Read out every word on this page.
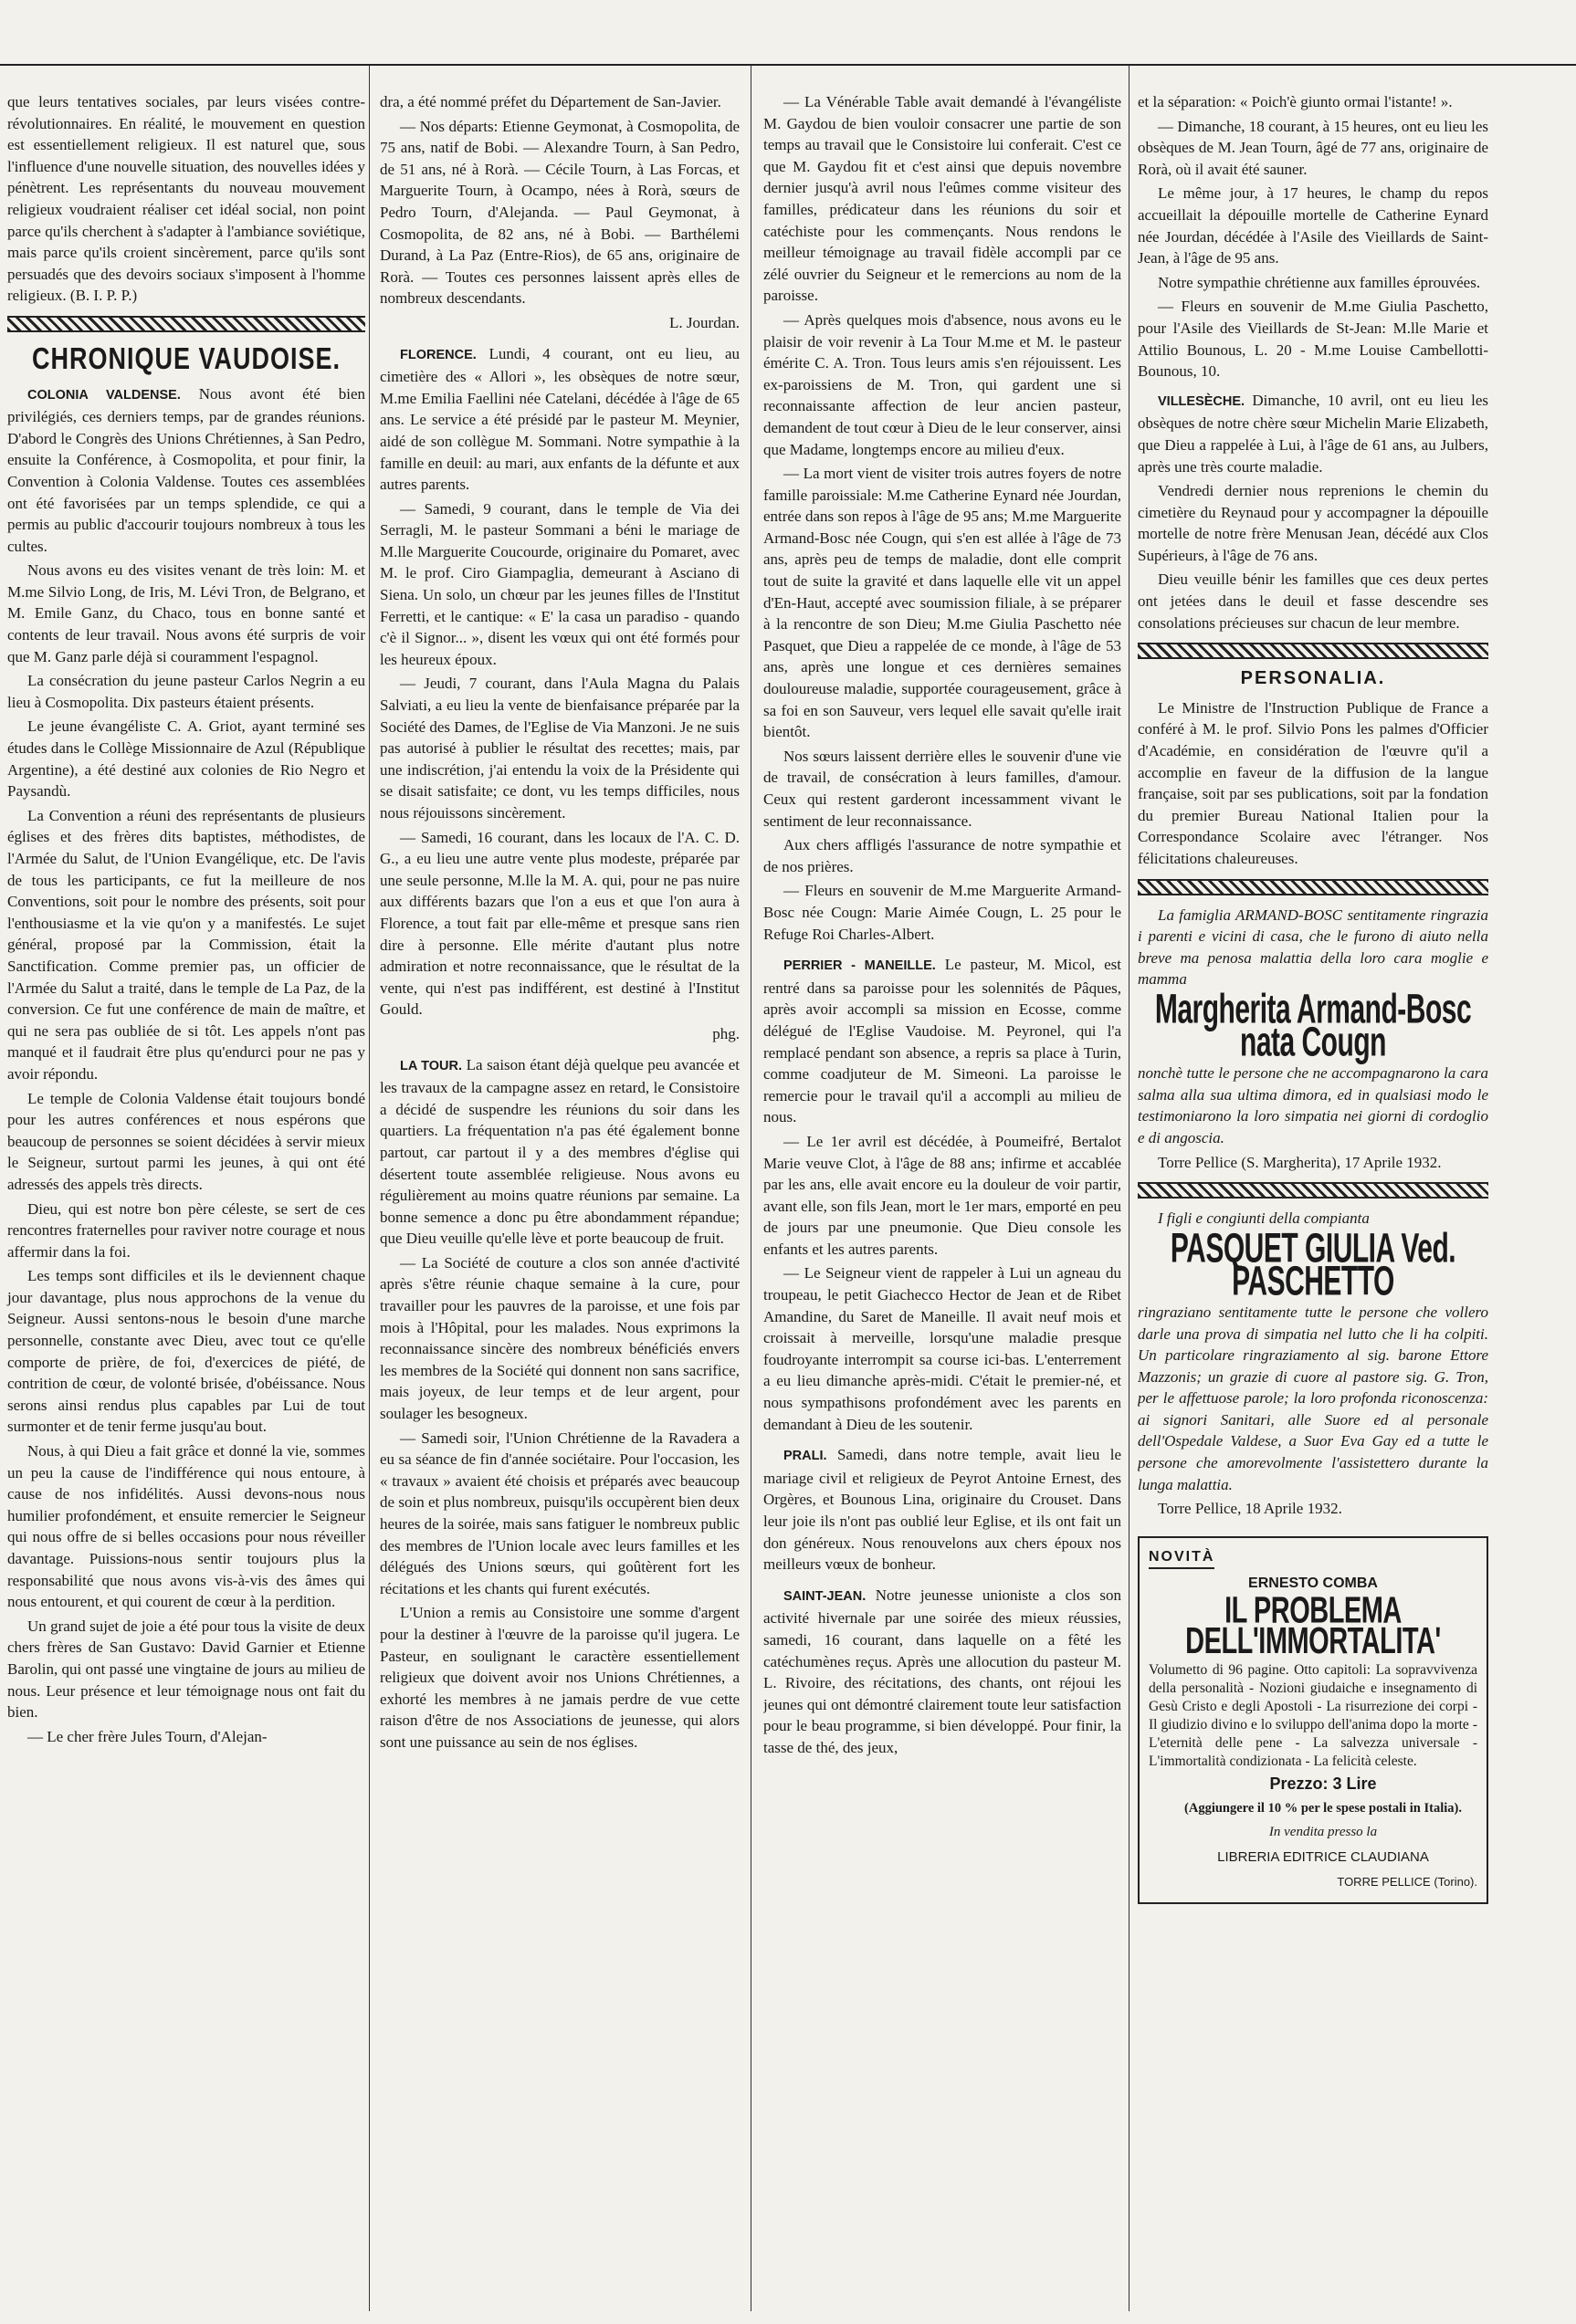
que leurs tentatives sociales, par leurs visées contre-révolutionnaires. En réalité, le mouvement en question est essentiellement religieux. Il est naturel que, sous l'influence d'une nouvelle situation, des nouvelles idées y pénètrent. Les représentants du nouveau mouvement religieux voudraient réaliser cet idéal social, non point parce qu'ils cherchent à s'adapter à l'ambiance soviétique, mais parce qu'ils croient sincèrement, parce qu'ils sont persuadés que des devoirs sociaux s'imposent à l'homme religieux. (B. I. P. P.)

CHRONIQUE VAUDOISE.

COLONIA VALDENSE. Nous avont été bien privilégiés, ces derniers temps, par de grandes réunions. D'abord le Congrès des Unions Chrétiennes, à San Pedro, ensuite la Conférence, à Cosmopolita, et pour finir, la Convention à Colonia Valdense. Toutes ces assemblées ont été favorisées par un temps splendide, ce qui a permis au public d'accourir toujours nombreux à tous les cultes.

Nous avons eu des visites venant de très loin: M. et M.me Silvio Long, de Iris, M. Lévi Tron, de Belgrano, et M. Emile Ganz, du Chaco, tous en bonne santé et contents de leur travail. Nous avons été surpris de voir que M. Ganz parle déjà si couramment l'espagnol.

La consécration du jeune pasteur Carlos Negrin a eu lieu à Cosmopolita. Dix pasteurs étaient présents.

Le jeune évangéliste C. A. Griot, ayant terminé ses études dans le Collège Missionnaire de Azul (République Argentine), a été destiné aux colonies de Rio Negro et Paysandù.

La Convention a réuni des représentants de plusieurs églises et des frères dits baptistes, méthodistes, de l'Armée du Salut, de l'Union Evangélique, etc. De l'avis de tous les participants, ce fut la meilleure de nos Conventions, soit pour le nombre des présents, soit pour l'enthousiasme et la vie qu'on y a manifestés. Le sujet général, proposé par la Commission, était la Sanctification. Comme premier pas, un officier de l'Armée du Salut a traité, dans le temple de La Paz, de la conversion. Ce fut une conférence de main de maître, et qui ne sera pas oubliée de si tôt. Les appels n'ont pas manqué et il faudrait être plus qu'endurci pour ne pas y avoir répondu.

Le temple de Colonia Valdense était toujours bondé pour les autres conférences et nous espérons que beaucoup de personnes se soient décidées à servir mieux le Seigneur, surtout parmi les jeunes, à qui ont été adressés des appels très directs.

Dieu, qui est notre bon père céleste, se sert de ces rencontres fraternelles pour raviver notre courage et nous affermir dans la foi.

Les temps sont difficiles et ils le deviennent chaque jour davantage, plus nous approchons de la venue du Seigneur. Aussi sentons-nous le besoin d'une marche personnelle, constante avec Dieu, avec tout ce qu'elle comporte de prière, de foi, d'exercices de piété, de contrition de cœur, de volonté brisée, d'obéissance. Nous serons ainsi rendus plus capables par Lui de tout surmonter et de tenir ferme jusqu'au bout.

Nous, à qui Dieu a fait grâce et donné la vie, sommes un peu la cause de l'indifférence qui nous entoure, à cause de nos infidélités. Aussi devons-nous nous humilier profondément, et ensuite remercier le Seigneur qui nous offre de si belles occasions pour nous réveiller davantage. Puissions-nous sentir toujours plus la responsabilité que nous avons vis-à-vis des âmes qui nous entourent, et qui courent de cœur à la perdition.

Un grand sujet de joie a été pour tous la visite de deux chers frères de San Gustavo: David Garnier et Etienne Barolin, qui ont passé une vingtaine de jours au milieu de nous. Leur présence et leur témoignage nous ont fait du bien.

— Le cher frère Jules Tourn, d'Alejan-

dra, a été nommé préfet du Département de San-Javier.

— Nos départs: Etienne Geymonat, à Cosmopolita, de 75 ans, natif de Bobi. — Alexandre Tourn, à San Pedro, de 51 ans, né à Rorà. — Cécile Tourn, à Las Forcas, et Marguerite Tourn, à Ocampo, nées à Rorà, sœurs de Pedro Tourn, d'Alejanda. — Paul Geymonat, à Cosmopolita, de 82 ans, né à Bobi. — Barthélemi Durand, à La Paz (Entre-Rios), de 65 ans, originaire de Rorà. — Toutes ces personnes laissent après elles de nombreux descendants.

L. Jourdan.

FLORENCE. Lundi, 4 courant, ont eu lieu, au cimetière des « Allori », les obsèques de notre sœur, M.me Emilia Faellini née Catelani, décédée à l'âge de 65 ans. Le service a été présidé par le pasteur M. Meynier, aidé de son collègue M. Sommani. Notre sympathie à la famille en deuil: au mari, aux enfants de la défunte et aux autres parents.

— Samedi, 9 courant, dans le temple de Via dei Serragli, M. le pasteur Sommani a béni le mariage de M.lle Marguerite Coucourde, originaire du Pomaret, avec M. le prof. Ciro Giampaglia, demeurant à Asciano di Siena. Un solo, un chœur par les jeunes filles de l'Institut Ferretti, et le cantique: « E' la casa un paradiso - quando c'è il Signor... », disent les vœux qui ont été formés pour les heureux époux.

— Jeudi, 7 courant, dans l'Aula Magna du Palais Salviati, a eu lieu la vente de bienfaisance préparée par la Société des Dames, de l'Eglise de Via Manzoni. Je ne suis pas autorisé à publier le résultat des recettes; mais, par une indiscrétion, j'ai entendu la voix de la Présidente qui se disait satisfaite; ce dont, vu les temps difficiles, nous nous réjouissons sincèrement.

— Samedi, 16 courant, dans les locaux de l'A. C. D. G., a eu lieu une autre vente plus modeste, préparée par une seule personne, M.lle la M. A. qui, pour ne pas nuire aux différents bazars que l'on a eus et que l'on aura à Florence, a tout fait par elle-même et presque sans rien dire à personne. Elle mérite d'autant plus notre admiration et notre reconnaissance, que le résultat de la vente, qui n'est pas indifférent, est destiné à l'Institut Gould.

phg.

LA TOUR. La saison étant déjà quelque peu avancée et les travaux de la campagne assez en retard, le Consistoire a décidé de suspendre les réunions du soir dans les quartiers. La fréquentation n'a pas été également bonne partout, car partout il y a des membres d'église qui désertent toute assemblée religieuse. Nous avons eu régulièrement au moins quatre réunions par semaine. La bonne semence a donc pu être abondamment répandue; que Dieu veuille qu'elle lève et porte beaucoup de fruit.

— La Société de couture a clos son année d'activité après s'être réunie chaque semaine à la cure, pour travailler pour les pauvres de la paroisse, et une fois par mois à l'Hôpital, pour les malades. Nous exprimons la reconnaissance sincère des nombreux bénéficiés envers les membres de la Société qui donnent non sans sacrifice, mais joyeux, de leur temps et de leur argent, pour soulager les besogneux.

— Samedi soir, l'Union Chrétienne de la Ravadera a eu sa séance de fin d'année sociétaire. Pour l'occasion, les « travaux » avaient été choisis et préparés avec beaucoup de soin et plus nombreux, puisqu'ils occupèrent bien deux heures de la soirée, mais sans fatiguer le nombreux public des membres de l'Union locale avec leurs familles et les délégués des Unions sœurs, qui goûtèrent fort les récitations et les chants qui furent exécutés.

L'Union a remis au Consistoire une somme d'argent pour la destiner à l'œuvre de la paroisse qu'il jugera. Le Pasteur, en soulignant le caractère essentiellement religieux que doivent avoir nos Unions Chrétiennes, a exhorté les membres à ne jamais perdre de vue cette raison d'être de nos Associations de jeunesse, qui alors sont une puissance au sein de nos églises.

— La Vénérable Table avait demandé à l'évangéliste M. Gaydou de bien vouloir consacrer une partie de son temps au travail que le Consistoire lui conferait. C'est ce que M. Gaydou fit et c'est ainsi que depuis novembre dernier jusqu'à avril nous l'eûmes comme visiteur des familles, prédicateur dans les réunions du soir et catéchiste pour les commençants. Nous rendons le meilleur témoignage au travail fidèle accompli par ce zélé ouvrier du Seigneur et le remercions au nom de la paroisse.

— Après quelques mois d'absence, nous avons eu le plaisir de voir revenir à La Tour M.me et M. le pasteur émérite C. A. Tron. Tous leurs amis s'en réjouissent. Les ex-paroissiens de M. Tron, qui gardent une si reconnaissante affection de leur ancien pasteur, demandent de tout cœur à Dieu de le leur conserver, ainsi que Madame, longtemps encore au milieu d'eux.

— La mort vient de visiter trois autres foyers de notre famille paroissiale: M.me Catherine Eynard née Jourdan, entrée dans son repos à l'âge de 95 ans; M.me Marguerite Armand-Bosc née Cougn, qui s'en est allée à l'âge de 73 ans, après peu de temps de maladie, dont elle comprit tout de suite la gravité et dans laquelle elle vit un appel d'En-Haut, accepté avec soumission filiale, à se préparer à la rencontre de son Dieu; M.me Giulia Paschetto née Pasquet, que Dieu a rappelée de ce monde, à l'âge de 53 ans, après une longue et ces dernières semaines douloureuse maladie, supportée courageusement, grâce à sa foi en son Sauveur, vers lequel elle savait qu'elle irait bientôt.

Nos sœurs laissent derrière elles le souvenir d'une vie de travail, de consécration à leurs familles, d'amour. Ceux qui restent garderont incessamment vivant le sentiment de leur reconnaissance.

Aux chers affligés l'assurance de notre sympathie et de nos prières.

— Fleurs en souvenir de M.me Marguerite Armand-Bosc née Cougn: Marie Aimée Cougn, L. 25 pour le Refuge Roi Charles-Albert.

PERRIER - MANEILLE. Le pasteur, M. Micol, est rentré dans sa paroisse pour les solennités de Pâques, après avoir accompli sa mission en Ecosse, comme délégué de l'Eglise Vaudoise. M. Peyronel, qui l'a remplacé pendant son absence, a repris sa place à Turin, comme coadjuteur de M. Simeoni. La paroisse le remercie pour le travail qu'il a accompli au milieu de nous.

— Le 1er avril est décédée, à Poumeifré, Bertalot Marie veuve Clot, à l'âge de 88 ans; infirme et accablée par les ans, elle avait encore eu la douleur de voir partir, avant elle, son fils Jean, mort le 1er mars, emporté en peu de jours par une pneumonie. Que Dieu console les enfants et les autres parents.

— Le Seigneur vient de rappeler à Lui un agneau du troupeau, le petit Giachecco Hector de Jean et de Ribet Amandine, du Saret de Maneille. Il avait neuf mois et croissait à merveille, lorsqu'une maladie presque foudroyante interrompit sa course ici-bas. L'enterrement a eu lieu dimanche après-midi. C'était le premier-né, et nous sympathisons profondément avec les parents en demandant à Dieu de les soutenir.

PRALI. Samedi, dans notre temple, avait lieu le mariage civil et religieux de Peyrot Antoine Ernest, des Orgères, et Bounous Lina, originaire du Crouset. Dans leur joie ils n'ont pas oublié leur Eglise, et ils ont fait un don généreux. Nous renouvelons aux chers époux nos meilleurs vœux de bonheur.

SAINT-JEAN. Notre jeunesse unioniste a clos son activité hivernale par une soirée des mieux réussies, samedi, 16 courant, dans laquelle on a fêté les catéchumènes reçus. Après une allocution du pasteur M. L. Rivoire, des récitations, des chants, ont réjoui les jeunes qui ont démontré clairement toute leur satisfaction pour le beau programme, si bien développé. Pour finir, la tasse de thé, des jeux,

et la séparation: « Poich'è giunto ormai l'istante! ».

— Dimanche, 18 courant, à 15 heures, ont eu lieu les obsèques de M. Jean Tourn, âgé de 77 ans, originaire de Rorà, où il avait été sauner.

Le même jour, à 17 heures, le champ du repos accueillait la dépouille mortelle de Catherine Eynard née Jourdan, décédée à l'Asile des Vieillards de Saint-Jean, à l'âge de 95 ans.

Notre sympathie chrétienne aux familles éprouvées.

— Fleurs en souvenir de M.me Giulia Paschetto, pour l'Asile des Vieillards de St-Jean: M.lle Marie et Attilio Bounous, L. 20 - M.me Louise Cambellotti-Bounous, 10.

VILLESÈCHE. Dimanche, 10 avril, ont eu lieu les obsèques de notre chère sœur Michelin Marie Elizabeth, que Dieu a rappelée à Lui, à l'âge de 61 ans, au Julbers, après une très courte maladie.

Vendredi dernier nous reprenions le chemin du cimetière du Reynaud pour y accompagner la dépouille mortelle de notre frère Menusan Jean, décédé aux Clos Supérieurs, à l'âge de 76 ans.

Dieu veuille bénir les familles que ces deux pertes ont jetées dans le deuil et fasse descendre ses consolations précieuses sur chacun de leur membre.

PERSONALIA.

Le Ministre de l'Instruction Publique de France a conféré à M. le prof. Silvio Pons les palmes d'Officier d'Académie, en considération de l'œuvre qu'il a accomplie en faveur de la diffusion de la langue française, soit par ses publications, soit par la fondation du premier Bureau National Italien pour la Correspondance Scolaire avec l'étranger. Nos félicitations chaleureuses.

La famiglia ARMAND-BOSC sentitamente ringrazia i parenti e vicini di casa, che le furono di aiuto nella breve ma penosa malattia della loro cara moglie e mamma

Margherita Armand-Bosc nata Cougn

nonchè tutte le persone che ne accompagnarono la cara salma alla sua ultima dimora, ed in qualsiasi modo le testimoniarono la loro simpatia nei giorni di cordoglio e di angoscia.

Torre Pellice (S. Margherita), 17 Aprile 1932.

I figli e congiunti della compianta

PASQUET GIULIA Ved. PASCHETTO

ringraziano sentitamente tutte le persone che vollero darle una prova di simpatia nel lutto che li ha colpiti. Un particolare ringraziamento al sig. barone Ettore Mazzonis; un grazie di cuore al pastore sig. G. Tron, per le affettuose parole; la loro profonda riconoscenza: ai signori Sanitari, alle Suore ed al personale dell'Ospedale Valdese, a Suor Eva Gay ed a tutte le persone che amorevolmente l'assistettero durante la lunga malattia.

Torre Pellice, 18 Aprile 1932.

NOVITÀ
ERNESTO COMBA
IL PROBLEMA DELL'IMMORTALITA'

Volumetto di 96 pagine. Otto capitoli: La sopravvivenza della personalità - Nozioni giudaiche e insegnamento di Gesù Cristo e degli Apostoli - La risurrezione dei corpi - Il giudizio divino e lo sviluppo dell'anima dopo la morte - L'eternità delle pene - La salvezza universale - L'immortalità condizionata - La felicità celeste.

Prezzo: 3 Lire

(Aggiungere il 10 % per le spese postali in Italia).

In vendita presso la

LIBRERIA EDITRICE CLAUDIANA

TORRE PELLICE (Torino).
